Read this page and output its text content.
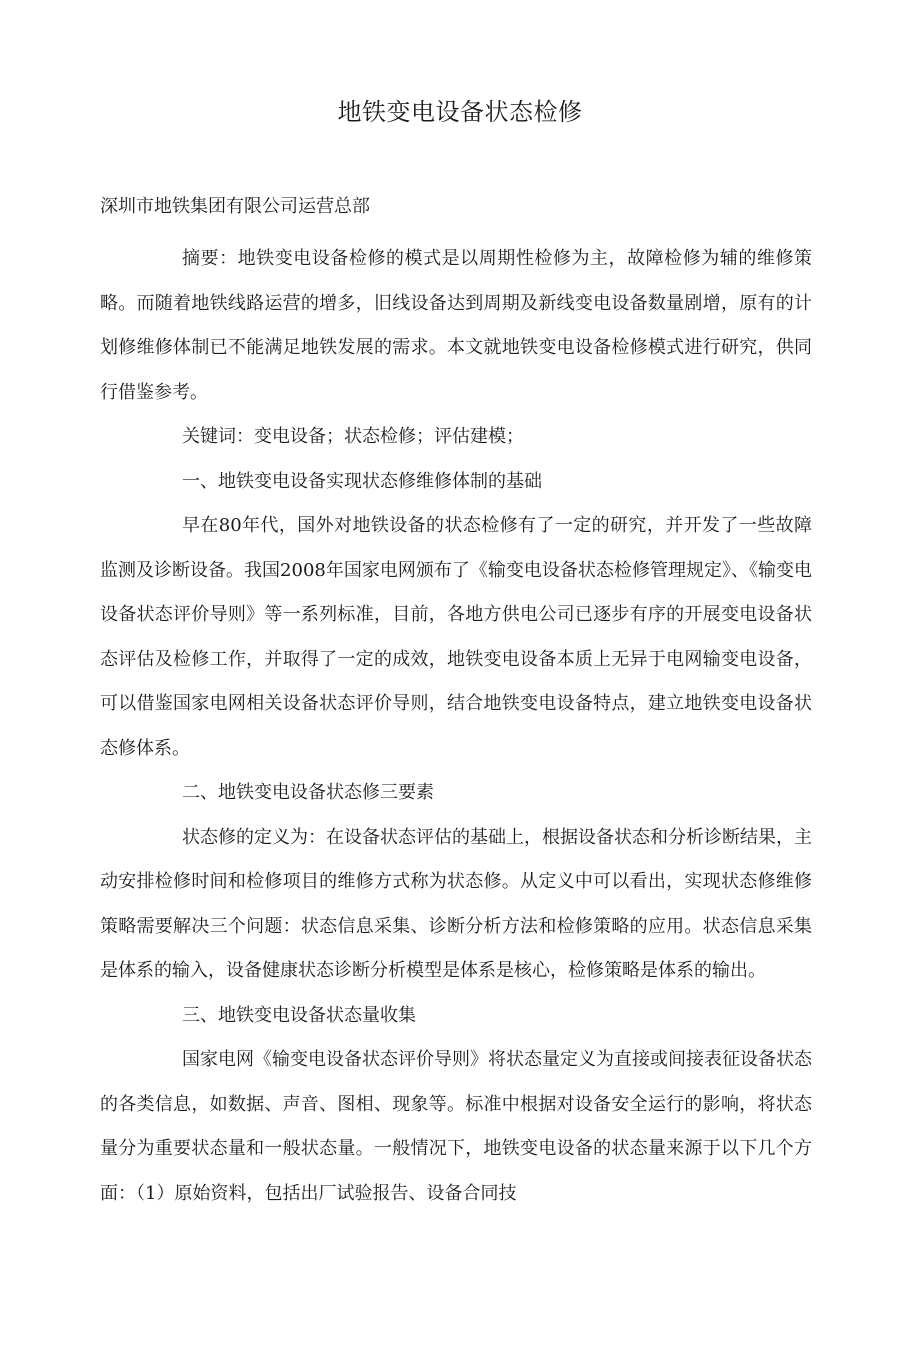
地铁变电设备状态检修

深圳市地铁集团有限公司运营总部

摘要：地铁变电设备检修的模式是以周期性检修为主，故障检修为辅的维修策略。而随着地铁线路运营的增多，旧线设备达到周期及新线变电设备数量剧增，原有的计划修维修体制已不能满足地铁发展的需求。本文就地铁变电设备检修模式进行研究，供同行借鉴参考。

关键词：变电设备；状态检修；评估建模；

一、地铁变电设备实现状态修维修体制的基础

早在80年代，国外对地铁设备的状态检修有了一定的研究，并开发了一些故障监测及诊断设备。我国2008年国家电网颁布了《输变电设备状态检修管理规定》、《输变电设备状态评价导则》等一系列标准，目前，各地方供电公司已逐步有序的开展变电设备状态评估及检修工作，并取得了一定的成效，地铁变电设备本质上无异于电网输变电设备，可以借鉴国家电网相关设备状态评价导则，结合地铁变电设备特点，建立地铁变电设备状态修体系。

二、地铁变电设备状态修三要素

状态修的定义为：在设备状态评估的基础上，根据设备状态和分析诊断结果，主动安排检修时间和检修项目的维修方式称为状态修。从定义中可以看出，实现状态修维修策略需要解决三个问题：状态信息采集、诊断分析方法和检修策略的应用。状态信息采集是体系的输入，设备健康状态诊断分析模型是体系是核心，检修策略是体系的输出。

三、地铁变电设备状态量收集

国家电网《输变电设备状态评价导则》将状态量定义为直接或间接表征设备状态的各类信息，如数据、声音、图相、现象等。标准中根据对设备安全运行的影响，将状态量分为重要状态量和一般状态量。一般情况下，地铁变电设备的状态量来源于以下几个方面：（1）原始资料，包括出厂试验报告、设备合同技
